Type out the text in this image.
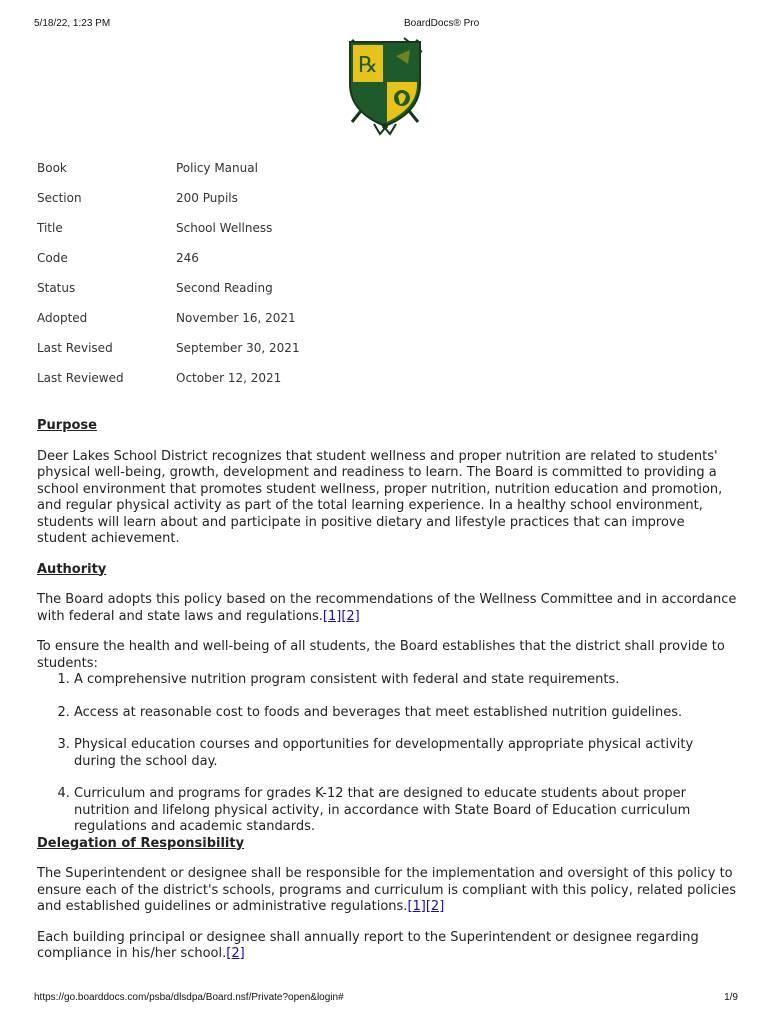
5/18/22, 1:23 PM	BoardDocs® Pro
℞
Book	Policy Manual
Section	200 Pupils
Title	School Wellness
Code	246
Status	Second Reading
Adopted	November 16, 2021
Last Revised	September 30, 2021
Last Reviewed	October 12, 2021
Purpose

Deer Lakes School District recognizes that student wellness and proper nutrition are related to students' physical well-being, growth, development and readiness to learn. The Board is committed to providing a school environment that promotes student wellness, proper nutrition, nutrition education and promotion, and regular physical activity as part of the total learning experience. In a healthy school environment, students will learn about and participate in positive dietary and lifestyle practices that can improve student achievement.

Authority

The Board adopts this policy based on the recommendations of the Wellness Committee and in accordance with federal and state laws and regulations.[1][2]

To ensure the health and well-being of all students, the Board establishes that the district shall provide to students:

1. A comprehensive nutrition program consistent with federal and state requirements.
2. Access at reasonable cost to foods and beverages that meet established nutrition guidelines.
3. Physical education courses and opportunities for developmentally appropriate physical activity during the school day.
4. Curriculum and programs for grades K-12 that are designed to educate students about proper nutrition and lifelong physical activity, in accordance with State Board of Education curriculum regulations and academic standards.
Delegation of Responsibility

The Superintendent or designee shall be responsible for the implementation and oversight of this policy to ensure each of the district's schools, programs and curriculum is compliant with this policy, related policies and established guidelines or administrative regulations.[1][2]

Each building principal or designee shall annually report to the Superintendent or designee regarding compliance in his/her school.[2]

https://go.boarddocs.com/psba/dlsdpa/Board.nsf/Private?open&login#	1/9
